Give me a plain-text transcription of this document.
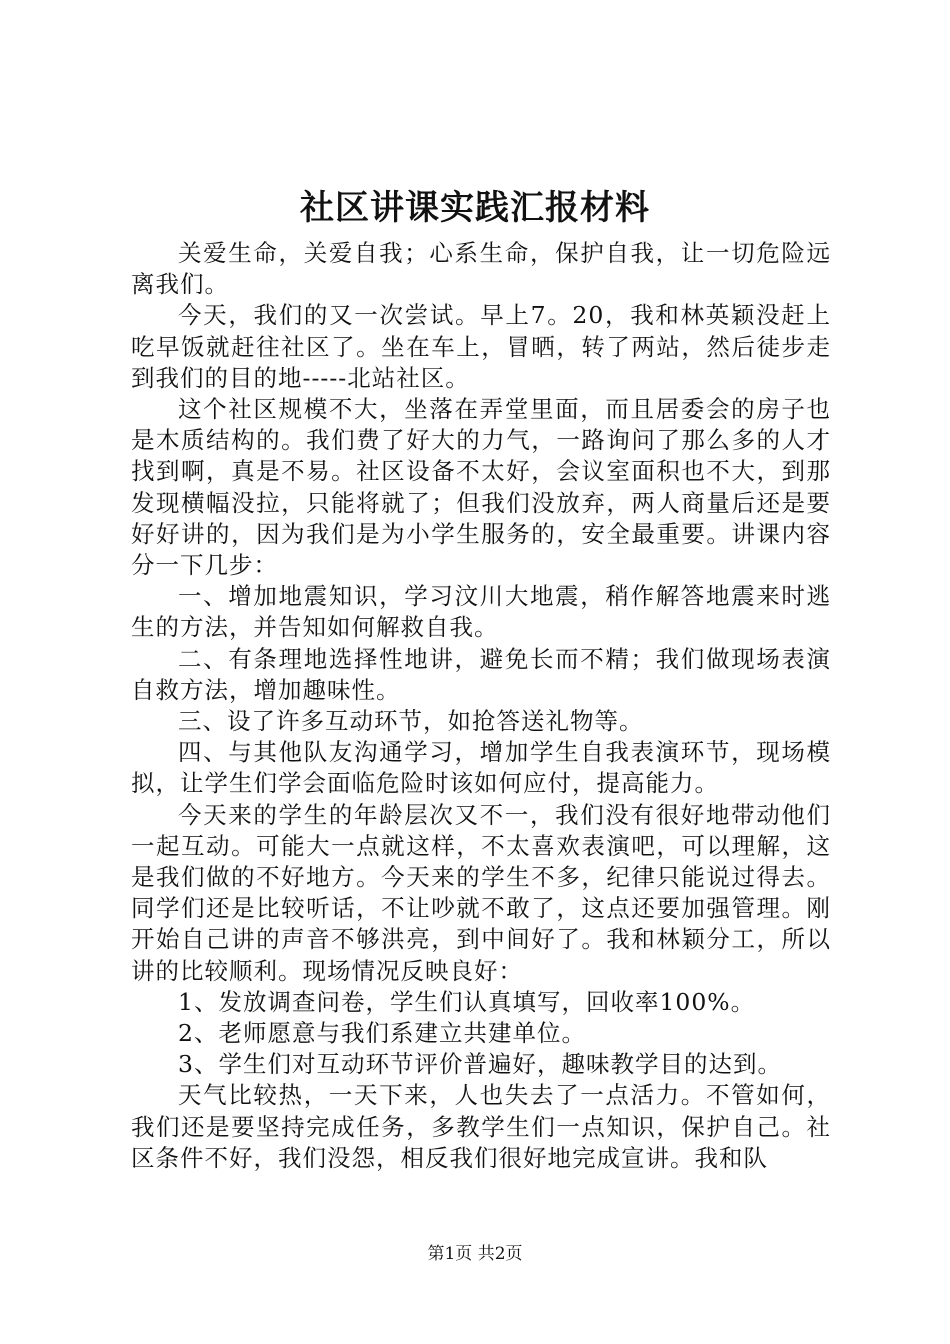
社区讲课实践汇报材料

关爱生命，关爱自我；心系生命，保护自我，让一切危险远离我们。

今天，我们的又一次尝试。早上7。20，我和林英颖没赶上吃早饭就赶往社区了。坐在车上，冒晒，转了两站，然后徒步走到我们的目的地-----北站社区。

这个社区规模不大，坐落在弄堂里面，而且居委会的房子也是木质结构的。我们费了好大的力气，一路询问了那么多的人才找到啊，真是不易。社区设备不太好，会议室面积也不大，到那发现横幅没拉，只能将就了；但我们没放弃，两人商量后还是要好好讲的，因为我们是为小学生服务的，安全最重要。讲课内容分一下几步：

一、增加地震知识，学习汶川大地震，稍作解答地震来时逃生的方法，并告知如何解救自我。

二、有条理地选择性地讲，避免长而不精；我们做现场表演自救方法，增加趣味性。

三、设了许多互动环节，如抢答送礼物等。

四、与其他队友沟通学习，增加学生自我表演环节，现场模拟，让学生们学会面临危险时该如何应付，提高能力。

今天来的学生的年龄层次又不一，我们没有很好地带动他们一起互动。可能大一点就这样，不太喜欢表演吧，可以理解，这是我们做的不好地方。今天来的学生不多，纪律只能说过得去。同学们还是比较听话，不让吵就不敢了，这点还要加强管理。刚开始自己讲的声音不够洪亮，到中间好了。我和林颖分工，所以讲的比较顺利。现场情况反映良好：

1、发放调查问卷，学生们认真填写，回收率100%。

2、老师愿意与我们系建立共建单位。

3、学生们对互动环节评价普遍好，趣味教学目的达到。

天气比较热，一天下来，人也失去了一点活力。不管如何，我们还是要坚持完成任务，多教学生们一点知识，保护自己。社区条件不好，我们没怨，相反我们很好地完成宣讲。我和队

第1页 共2页
